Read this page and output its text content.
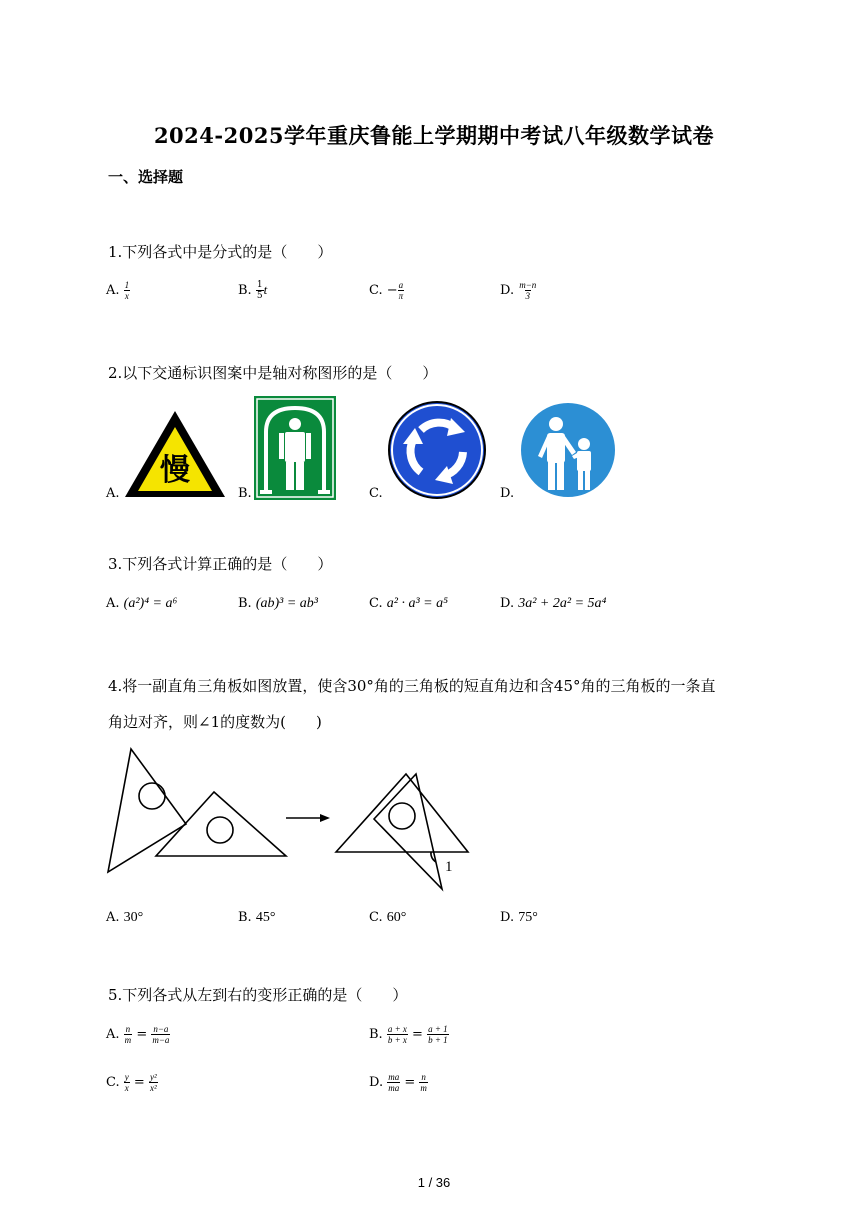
2024-2025学年重庆鲁能上学期期中考试八年级数学试卷
一、选择题
1.下列各式中是分式的是（　　）
A. $\frac{1}{x}$	B. $\frac{1}{5}$ t	C. − $\frac{a}{\pi}$	D. $\frac{m-n}{3}$
2.以下交通标识图案中是轴对称图形的是（　　）
A.
慢
B.	C.	D.
3.下列各式计算正确的是（　　）
A. (a²)⁴ = a⁶	B. (ab)³ = ab³	C. a² · a³ = a⁵	D. 3a² + 2a² = 5a⁴
4.将一副直角三角板如图放置，使含30°角的三角板的短直角边和含45°角的三角板的一条直
角边对齐，则∠1的度数为(　　)
1
A. 30°	B. 45°	C. 60°	D. 75°
5.下列各式从左到右的变形正确的是（　　）
A. $\frac{n}{m} = \frac{n-a}{m-a}$	B. $\frac{a + x}{b + x} = \frac{a + 1}{b + 1}$
C. $\frac{y}{x} = \frac{\text{y²}}{\text{x²}}$	D. $\frac{ma}{ma} = \frac{n}{m}$
1 / 36
